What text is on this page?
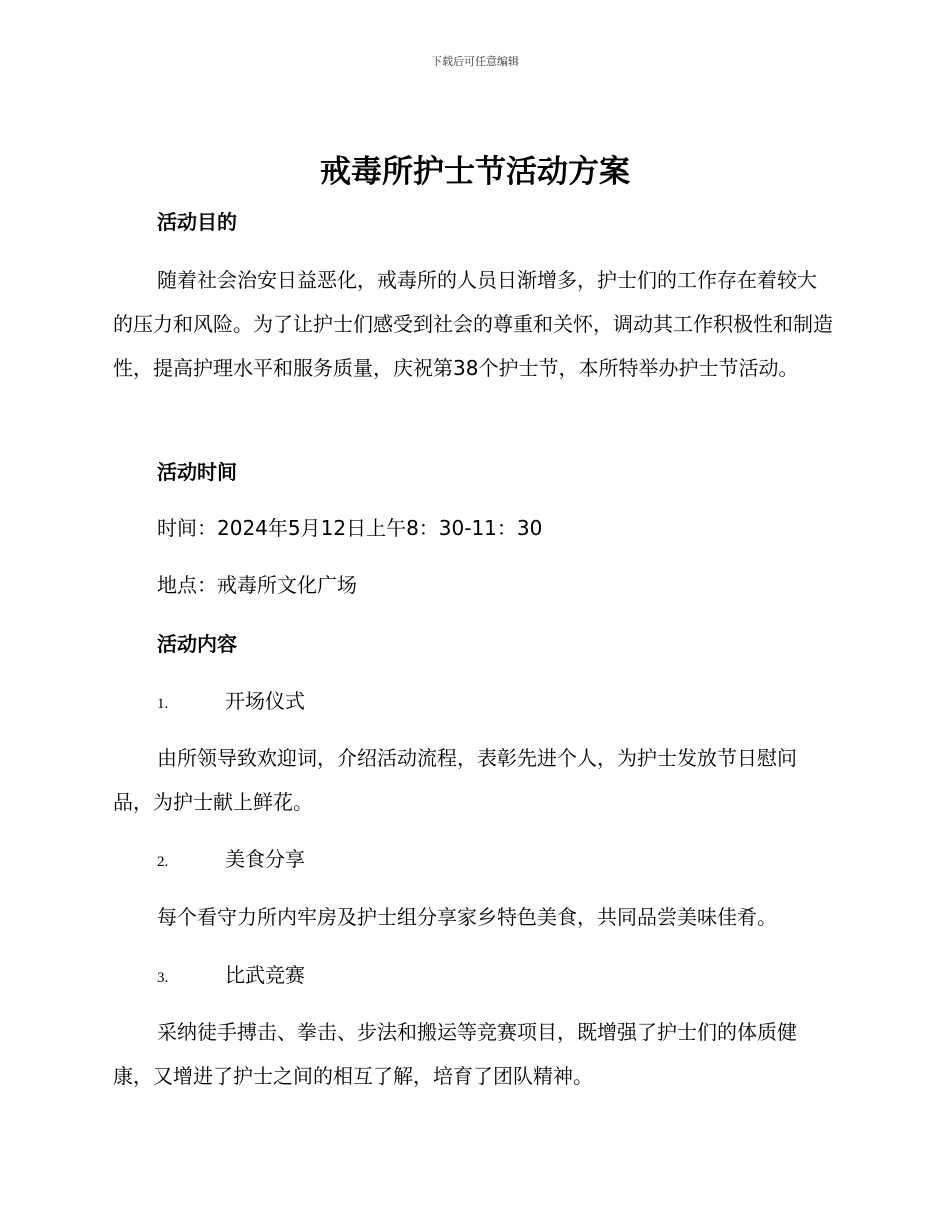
下载后可任意编辑
戒毒所护士节活动方案
活动目的

随着社会治安日益恶化，戒毒所的人员日渐增多，护士们的工作存在着较大的压力和风险。为了让护士们感受到社会的尊重和关怀，调动其工作积极性和制造性，提高护理水平和服务质量，庆祝第38个护士节，本所特举办护士节活动。

活动时间
时间：2024年5月12日上午8：30-11：30
地点：戒毒所文化广场
活动内容
1.	开场仪式

由所领导致欢迎词，介绍活动流程，表彰先进个人，为护士发放节日慰问品，为护士献上鲜花。

2.	美食分享

每个看守力所内牢房及护士组分享家乡特色美食，共同品尝美味佳肴。

3.	比武竞赛

采纳徒手搏击、拳击、步法和搬运等竞赛项目，既增强了护士们的体质健康，又增进了护士之间的相互了解，培育了团队精神。
